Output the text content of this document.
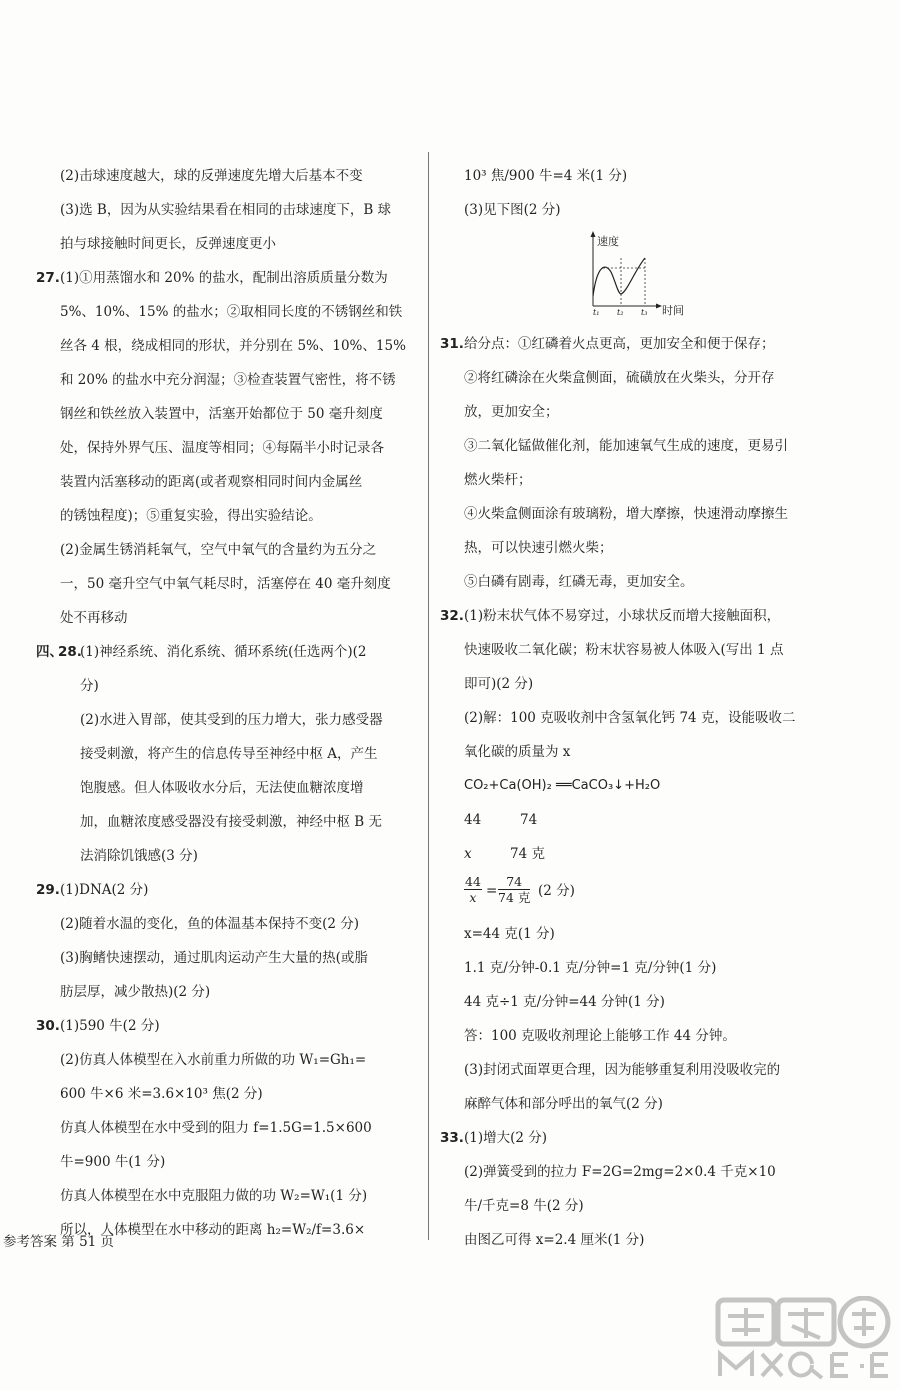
(2)击球速度越大，球的反弹速度先增大后基本不变
(3)选 B，因为从实验结果看在相同的击球速度下，B 球
拍与球接触时间更长，反弹速度更小
27. (1)①用蒸馏水和 20% 的盐水，配制出溶质质量分数为
5%、10%、15% 的盐水；②取相同长度的不锈钢丝和铁
丝各 4 根，绕成相同的形状，并分别在 5%、10%、15%
和 20% 的盐水中充分润湿；③检查装置气密性，将不锈
钢丝和铁丝放入装置中，活塞开始都位于 50 毫升刻度
处，保持外界气压、温度等相同；④每隔半小时记录各
装置内活塞移动的距离(或者观察相同时间内金属丝
的锈蚀程度)；⑤重复实验，得出实验结论。
(2)金属生锈消耗氧气，空气中氧气的含量约为五分之
一，50 毫升空气中氧气耗尽时，活塞停在 40 毫升刻度
处不再移动
四、
28.
(1)神经系统、消化系统、循环系统(任选两个)(2
分)
(2)水进入胃部，使其受到的压力增大，张力感受器
接受刺激，将产生的信息传导至神经中枢 A，产生
饱腹感。但人体吸收水分后，无法使血糖浓度增
加，血糖浓度感受器没有接受刺激，神经中枢 B 无
法消除饥饿感(3 分)
29. (1)DNA(2 分)
(2)随着水温的变化，鱼的体温基本保持不变(2 分)
(3)胸鳍快速摆动，通过肌肉运动产生大量的热(或脂
肪层厚，减少散热)(2 分)
30. (1)590 牛(2 分)
(2)仿真人体模型在入水前重力所做的功 W₁=Gh₁=
600 牛×6 米=3.6×10³ 焦(2 分)
仿真人体模型在水中受到的阻力 f=1.5G=1.5×600
牛=900 牛(1 分)
仿真人体模型在水中克服阻力做的功 W₂=W₁(1 分)
所以，人体模型在水中移动的距离 h₂=W₂/f=3.6×
10³ 焦/900 牛=4 米(1 分)
(3)见下图(2 分)
31. 给分点：①红磷着火点更高，更加安全和便于保存；
②将红磷涂在火柴盒侧面，硫磺放在火柴头，分开存
放，更加安全；
③二氧化锰做催化剂，能加速氧气生成的速度，更易引
燃火柴杆；
④火柴盒侧面涂有玻璃粉，增大摩擦，快速滑动摩擦生
热，可以快速引燃火柴；
⑤白磷有剧毒，红磷无毒，更加安全。
32. (1)粉末状气体不易穿过，小球状反而增大接触面积，
快速吸收二氧化碳；粉末状容易被人体吸入(写出 1 点
即可)(2 分)
(2)解：100 克吸收剂中含氢氧化钙 74 克，设能吸收二
氧化碳的质量为 x
CO₂+Ca(OH)₂ ══CaCO₃↓+H₂O
44	74
x	74 克
$\frac{44}{x}$ =
74
74 克 (2 分)
x=44 克(1 分)
1.1 克/分钟-0.1 克/分钟=1 克/分钟(1 分)
44 克÷1 克/分钟=44 分钟(1 分)
答：100 克吸收剂理论上能够工作 44 分钟。
(3)封闭式面罩更合理，因为能够重复利用没吸收完的
麻醉气体和部分呼出的氧气(2 分)
33. (1)增大(2 分)
(2)弹簧受到的拉力 F=2G=2mg=2×0.4 千克×10
牛/千克=8 牛(2 分)
由图乙可得 x=2.4 厘米(1 分)
速度
时间
t₁ t₂ t₃
参考答案 第 51 页
